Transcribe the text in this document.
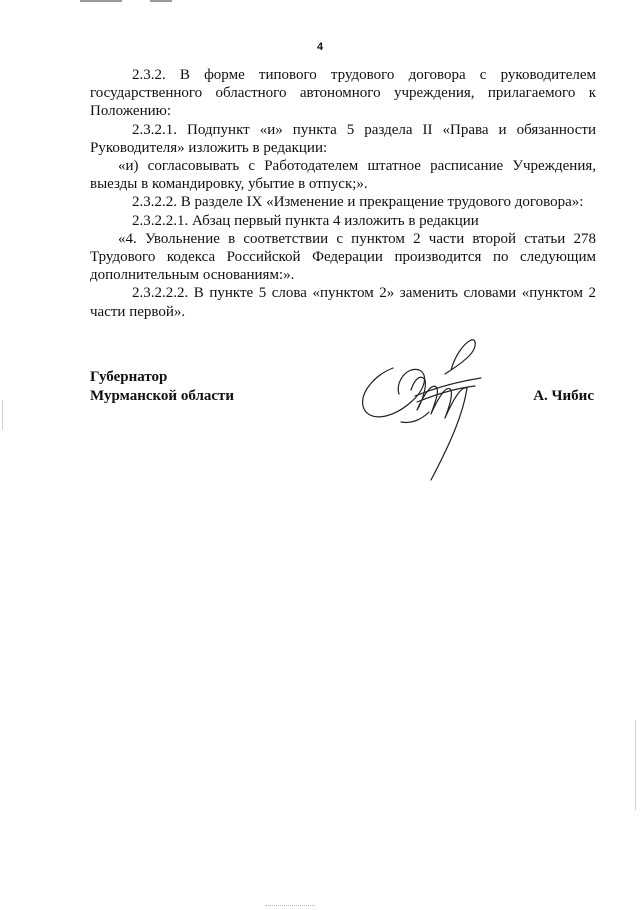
4

2.3.2. В форме типового трудового договора с руководителем государственного областного автономного учреждения, прилагаемого к Положению:

2.3.2.1. Подпункт «и» пункта 5 раздела II «Права и обязанности Руководителя» изложить в редакции:

«и) согласовывать с Работодателем штатное расписание Учреждения, выезды в командировку, убытие в отпуск;».

2.3.2.2. В разделе IX «Изменение и прекращение трудового договора»:

2.3.2.2.1. Абзац первый пункта 4 изложить в редакции

«4. Увольнение в соответствии с пунктом 2 части второй статьи 278 Трудового кодекса Российской Федерации производится по следующим дополнительным основаниям:».

2.3.2.2.2. В пункте 5 слова «пунктом 2» заменить словами «пунктом 2 части первой».

Губернатор
Мурманской области	А. Чибис
